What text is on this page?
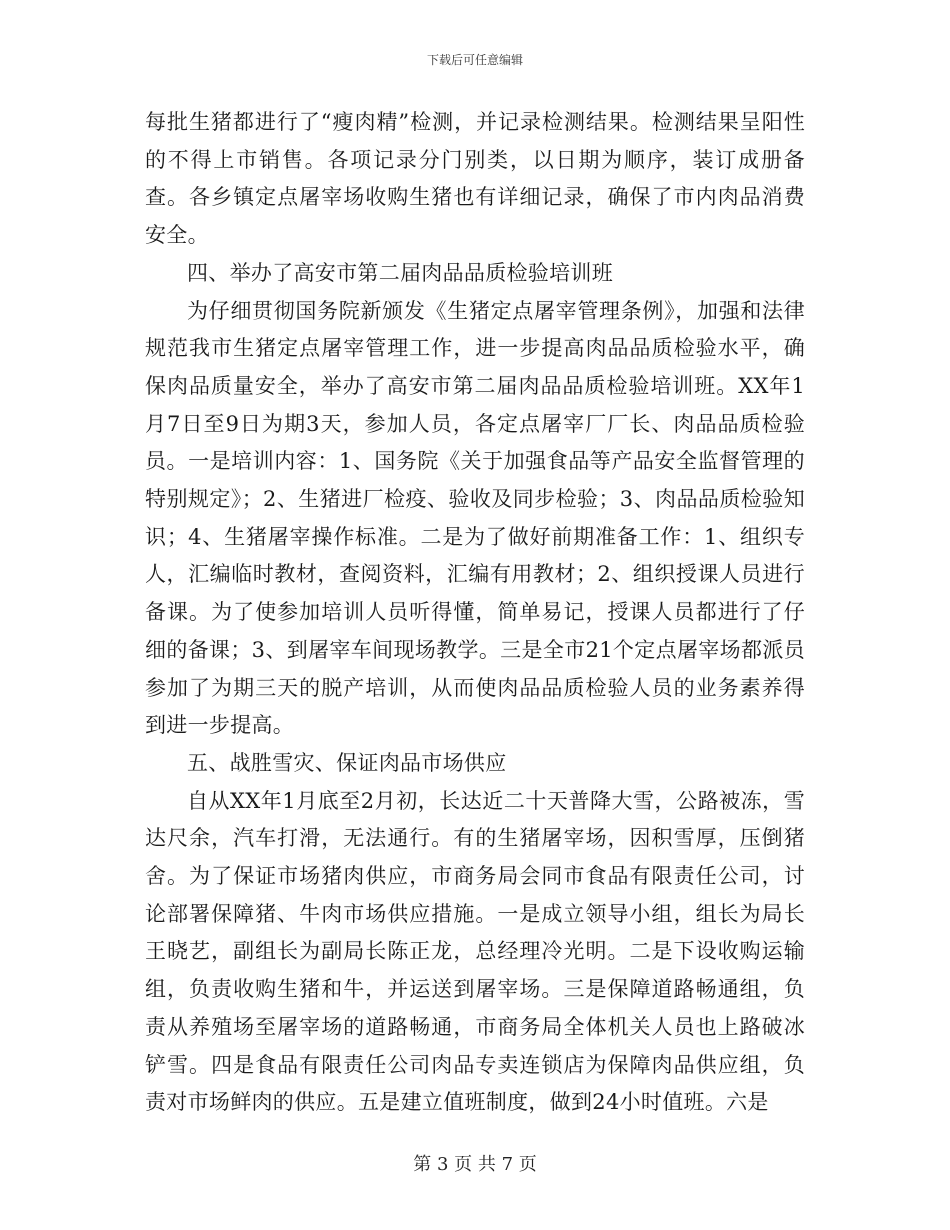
下载后可任意编辑

每批生猪都进行了“瘦肉精”检测，并记录检测结果。检测结果呈阳性的不得上市销售。各项记录分门别类，以日期为顺序，装订成册备查。各乡镇定点屠宰场收购生猪也有详细记录，确保了市内肉品消费安全。

四、举办了高安市第二届肉品品质检验培训班

为仔细贯彻国务院新颁发《生猪定点屠宰管理条例》，加强和法律规范我市生猪定点屠宰管理工作，进一步提高肉品品质检验水平，确保肉品质量安全，举办了高安市第二届肉品品质检验培训班。XX年1月7日至9日为期3天，参加人员，各定点屠宰厂厂长、肉品品质检验员。一是培训内容：1、国务院《关于加强食品等产品安全监督管理的特别规定》；2、生猪进厂检疫、验收及同步检验；3、肉品品质检验知识；4、生猪屠宰操作标准。二是为了做好前期准备工作：1、组织专人，汇编临时教材，查阅资料，汇编有用教材；2、组织授课人员进行备课。为了使参加培训人员听得懂，简单易记，授课人员都进行了仔细的备课；3、到屠宰车间现场教学。三是全市21个定点屠宰场都派员参加了为期三天的脱产培训，从而使肉品品质检验人员的业务素养得到进一步提高。

五、战胜雪灾、保证肉品市场供应

自从XX年1月底至2月初，长达近二十天普降大雪，公路被冻，雪达尺余，汽车打滑，无法通行。有的生猪屠宰场，因积雪厚，压倒猪舍。为了保证市场猪肉供应，市商务局会同市食品有限责任公司，讨论部署保障猪、牛肉市场供应措施。一是成立领导小组，组长为局长王晓艺，副组长为副局长陈正龙，总经理冷光明。二是下设收购运输组，负责收购生猪和牛，并运送到屠宰场。三是保障道路畅通组，负责从养殖场至屠宰场的道路畅通，市商务局全体机关人员也上路破冰铲雪。四是食品有限责任公司肉品专卖连锁店为保障肉品供应组，负责对市场鲜肉的供应。五是建立值班制度，做到24小时值班。六是

第 3 页 共 7 页
